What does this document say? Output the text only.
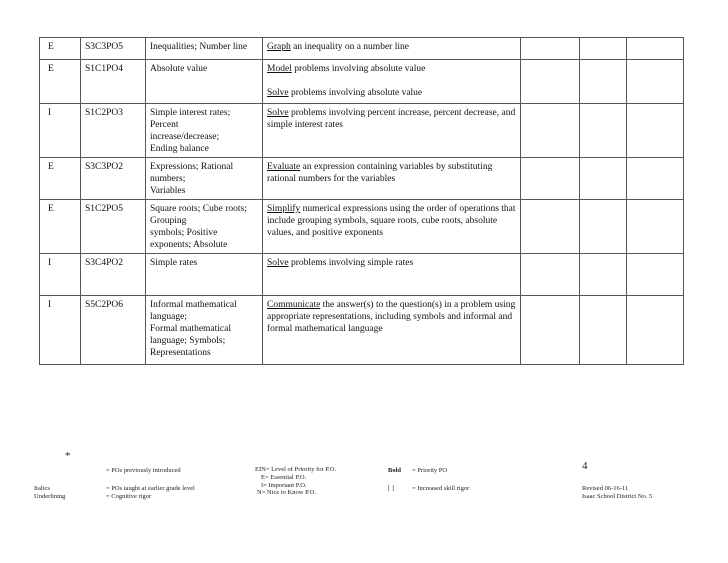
E	S3C3PO5	Inequalities; Number line	Graph an inequality on a number line			

E	S1C1PO4	Absolute value	Model problems involving absolute value
Solve problems involving absolute value			

I	S1C2PO3	Simple interest rates;
Percent
increase/decrease;
Ending balance	Solve problems involving percent increase, percent decrease, and simple interest rates			

E	S3C3PO2	Expressions; Rational
numbers;
Variables	Evaluate an expression containing variables by substituting rational numbers for the variables			

E	S1C2PO5	Square roots; Cube roots;
Grouping
symbols; Positive
exponents; Absolute	Simplify numerical expressions using the order of operations that include grouping symbols, square roots, cube roots, absolute values, and positive exponents			

I	S3C4PO2	Simple rates	Solve problems involving simple rates			

I	S5C2PO6	Informal mathematical
language;
Formal mathematical
language; Symbols;
Representations	Communicate the answer(s) to the question(s) in a problem using appropriate representations, including symbols and informal and formal mathematical language			

*
= POs previously introduced
Italics	= POs taught at earlier grade level
Underlining	= Cognitive rigor
EIN= Level of Priority for P.O.
E= Essential P.O.
I= Important P.O.
N= Nice to Know P.O.
Bold = Priority PO
[ ]	= Increased skill rigor
4
Revised 06-16-11
Isaac School District No. 5
